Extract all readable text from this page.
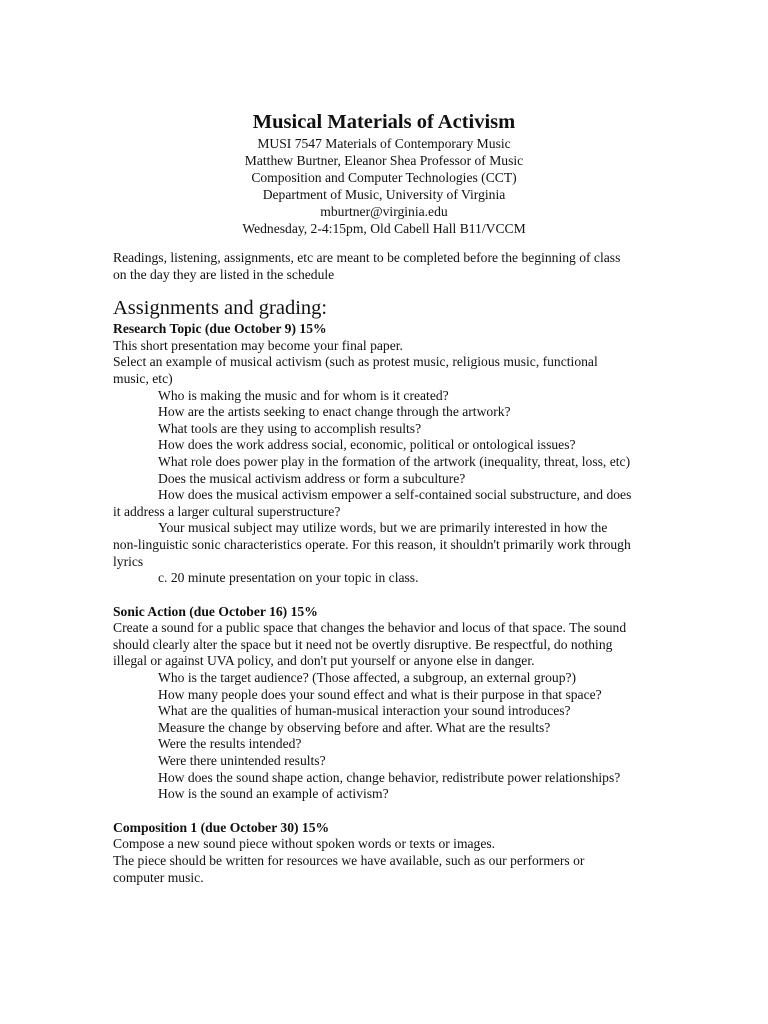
Musical Materials of Activism

MUSI 7547 Materials of Contemporary Music

Matthew Burtner, Eleanor Shea Professor of Music

Composition and Computer Technologies (CCT)

Department of Music, University of Virginia

mburtner@virginia.edu

Wednesday, 2-4:15pm, Old Cabell Hall B11/VCCM

Readings, listening, assignments, etc are meant to be completed before the beginning of class on the day they are listed in the schedule

Assignments and grading:

Research Topic (due October 9) 15%

This short presentation may become your final paper.

Select an example of musical activism (such as protest music, religious music, functional music, etc)

Who is making the music and for whom is it created?

How are the artists seeking to enact change through the artwork?

What tools are they using to accomplish results?

How does the work address social, economic, political or ontological issues?

What role does power play in the formation of the artwork (inequality, threat, loss, etc)

Does the musical activism address or form a subculture?

How does the musical activism empower a self-contained social substructure, and does it address a larger cultural superstructure?

Your musical subject may utilize words, but we are primarily interested in how the non-linguistic sonic characteristics operate. For this reason, it shouldn't primarily work through lyrics

c. 20 minute presentation on your topic in class.

Sonic Action (due October 16) 15%

Create a sound for a public space that changes the behavior and locus of that space. The sound should clearly alter the space but it need not be overtly disruptive. Be respectful, do nothing illegal or against UVA policy, and don't put yourself or anyone else in danger.

Who is the target audience? (Those affected, a subgroup, an external group?)

How many people does your sound effect and what is their purpose in that space?

What are the qualities of human-musical interaction your sound introduces?

Measure the change by observing before and after. What are the results?

Were the results intended?

Were there unintended results?

How does the sound shape action, change behavior, redistribute power relationships?

How is the sound an example of activism?

Composition 1 (due October 30) 15%

Compose a new sound piece without spoken words or texts or images.

The piece should be written for resources we have available, such as our performers or computer music.
